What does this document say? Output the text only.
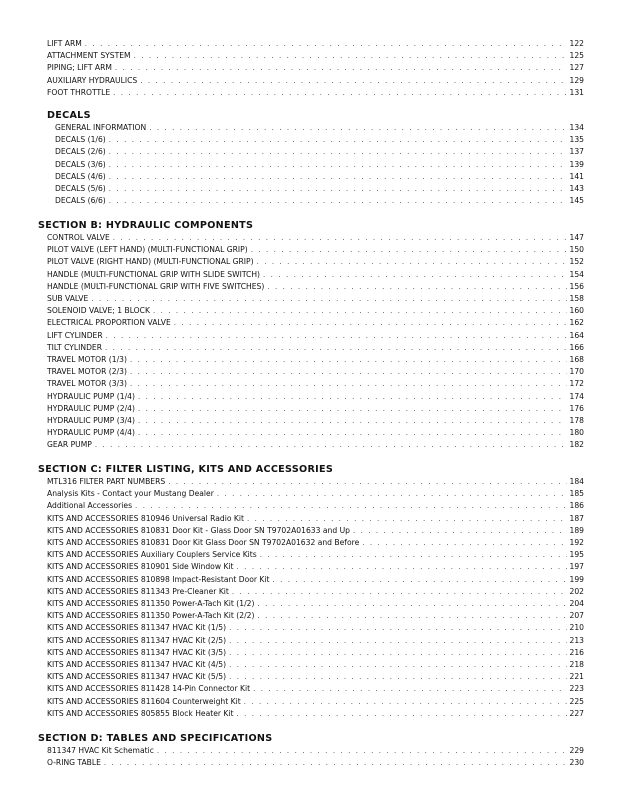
LIFT ARM . . .	122
ATTACHMENT SYSTEM . . .	125
PIPING; LIFT ARM . . .	127
AUXILIARY HYDRAULICS . . .	129
FOOT THROTTLE . . .	131
DECALS
GENERAL INFORMATION . . .	134
DECALS (1/6) . . .	135
DECALS (2/6) . . .	137
DECALS (3/6) . . .	139
DECALS (4/6) . . .	141
DECALS (5/6) . . .	143
DECALS (6/6) . . .	145
SECTION B: HYDRAULIC COMPONENTS
CONTROL VALVE . . .	147
PILOT VALVE (LEFT HAND) (MULTI-FUNCTIONAL GRIP) . . .	150
PILOT VALVE (RIGHT HAND) (MULTI-FUNCTIONAL GRIP) . . .	152
HANDLE (MULTI-FUNCTIONAL GRIP WITH SLIDE SWITCH) . . .	154
HANDLE (MULTI-FUNCTIONAL GRIP WITH FIVE SWITCHES) . . .	156
SUB VALVE . . .	158
SOLENOID VALVE; 1 BLOCK . . .	160
ELECTRICAL PROPORTION VALVE . . .	162
LIFT CYLINDER . . .	164
TILT CYLINDER . . .	166
TRAVEL MOTOR (1/3) . . .	168
TRAVEL MOTOR (2/3) . . .	170
TRAVEL MOTOR (3/3) . . .	172
HYDRAULIC PUMP (1/4) . . .	174
HYDRAULIC PUMP (2/4) . . .	176
HYDRAULIC PUMP (3/4) . . .	178
HYDRAULIC PUMP (4/4) . . .	180
GEAR PUMP . . .	182
SECTION C: FILTER LISTING, KITS AND ACCESSORIES
MTL316 FILTER PART NUMBERS . . .	184
Analysis Kits - Contact your Mustang Dealer . . .	185
Additional Accessories . . .	186
KITS AND ACCESSORIES 810946 Universal Radio Kit . . .	187
KITS AND ACCESSORIES 810831 Door Kit - Glass Door SN T9702A01633 and Up . . .	189
KITS AND ACCESSORIES 810831 Door Kit Glass Door SN T9702A01632 and Before . . .	192
KITS AND ACCESSORIES Auxiliary Couplers Service Kits . . .	195
KITS AND ACCESSORIES 810901 Side Window Kit . . .	197
KITS AND ACCESSORIES 810898 Impact-Resistant Door Kit . . .	199
KITS AND ACCESSORIES 811343 Pre-Cleaner Kit . . .	202
KITS AND ACCESSORIES 811350 Power-A-Tach Kit (1/2) . . .	204
KITS AND ACCESSORIES 811350 Power-A-Tach Kit (2/2) . . .	207
KITS AND ACCESSORIES 811347 HVAC Kit (1/5) . . .	210
KITS AND ACCESSORIES 811347 HVAC Kit (2/5) . . .	213
KITS AND ACCESSORIES 811347 HVAC Kit (3/5) . . .	216
KITS AND ACCESSORIES 811347 HVAC Kit (4/5) . . .	218
KITS AND ACCESSORIES 811347 HVAC Kit (5/5) . . .	221
KITS AND ACCESSORIES 811428 14-Pin Connector Kit . . .	223
KITS AND ACCESSORIES 811604 Counterweight Kit . . .	225
KITS AND ACCESSORIES 805855 Block Heater Kit . . .	227
SECTION D: TABLES AND SPECIFICATIONS
811347 HVAC Kit Schematic . . .	229
O-RING TABLE . . .	230
